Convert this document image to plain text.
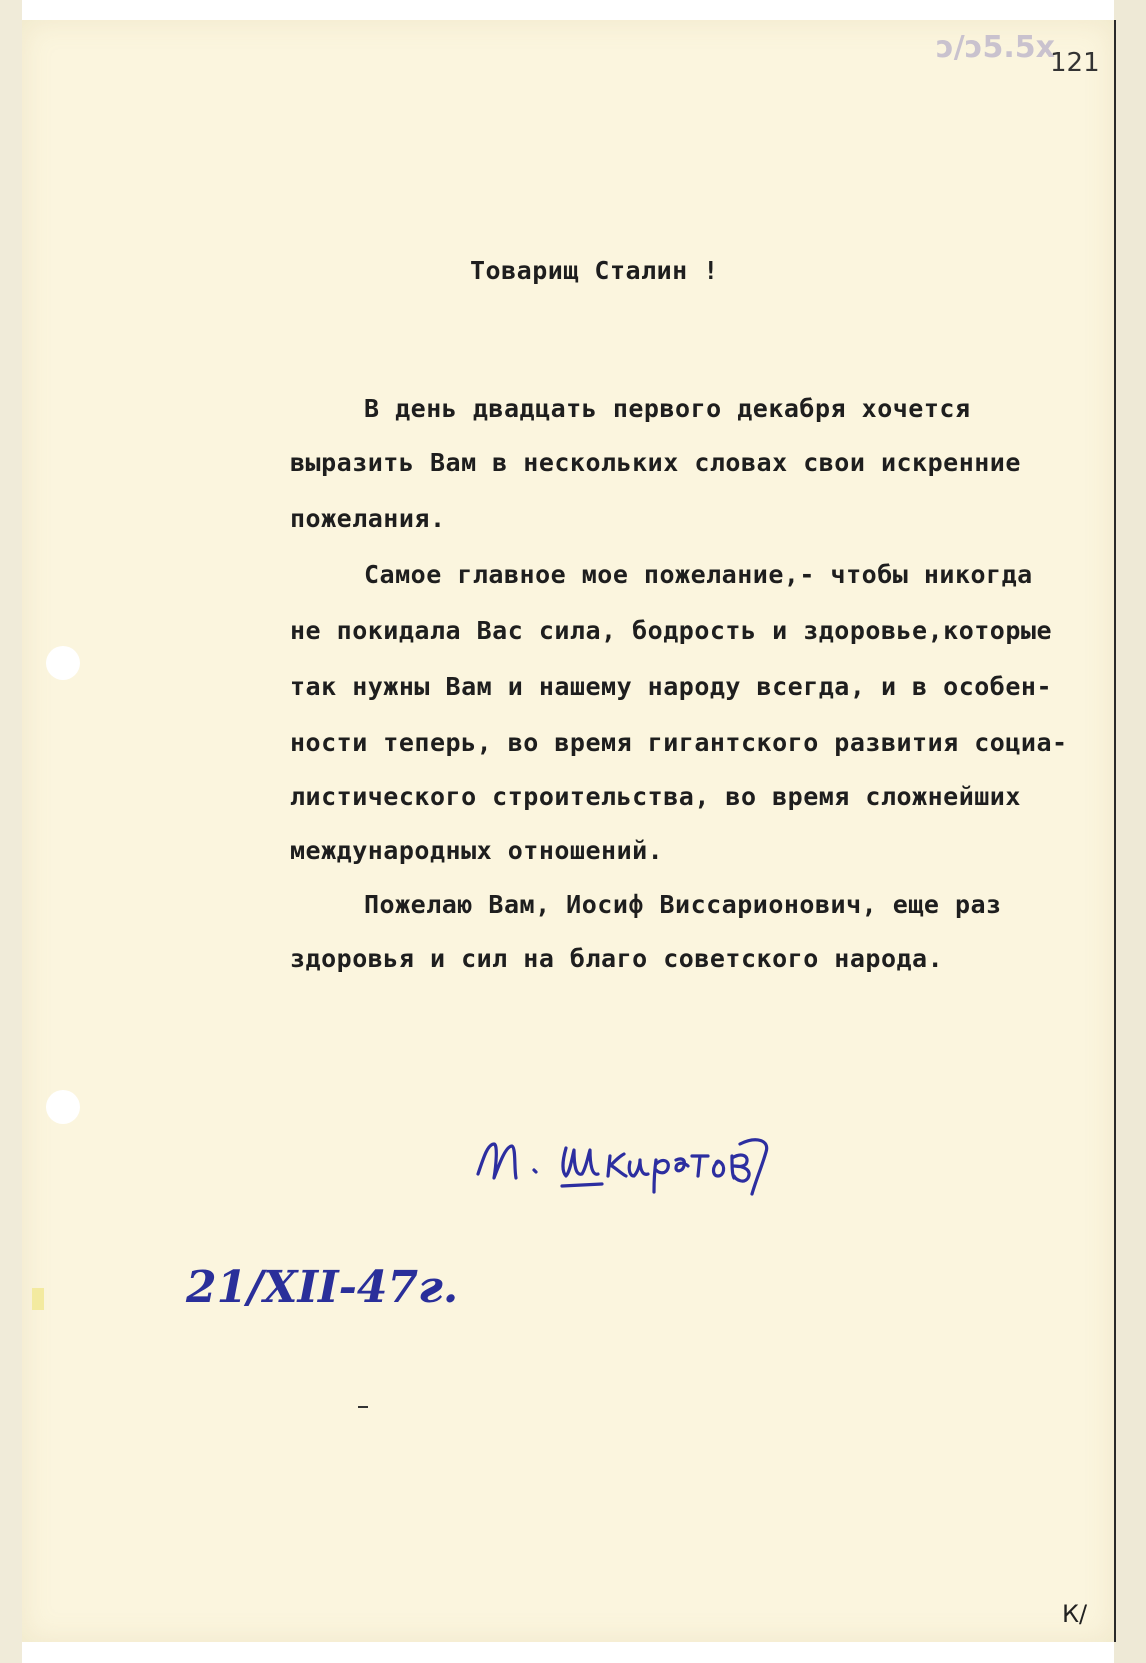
ɔ/ɔ5.5x
121
Товарищ Сталин !
В день двадцать первого декабря хочется
выразить Вам в нескольких словах свои искренние
пожелания.
Самое главное мое пожелание,- чтобы никогда
не покидала Вас сила, бодрость и здоровье,которые
так нужны Вам и нашему народу всегда, и в особен-
ности теперь, во время гигантского развития социа-
листического строительства, во время сложнейших
международных отношений.
Пожелаю Вам, Иосиф Виссарионович, еще раз
здоровья и сил на благо советского народа.
21/XII-47г.
К/
